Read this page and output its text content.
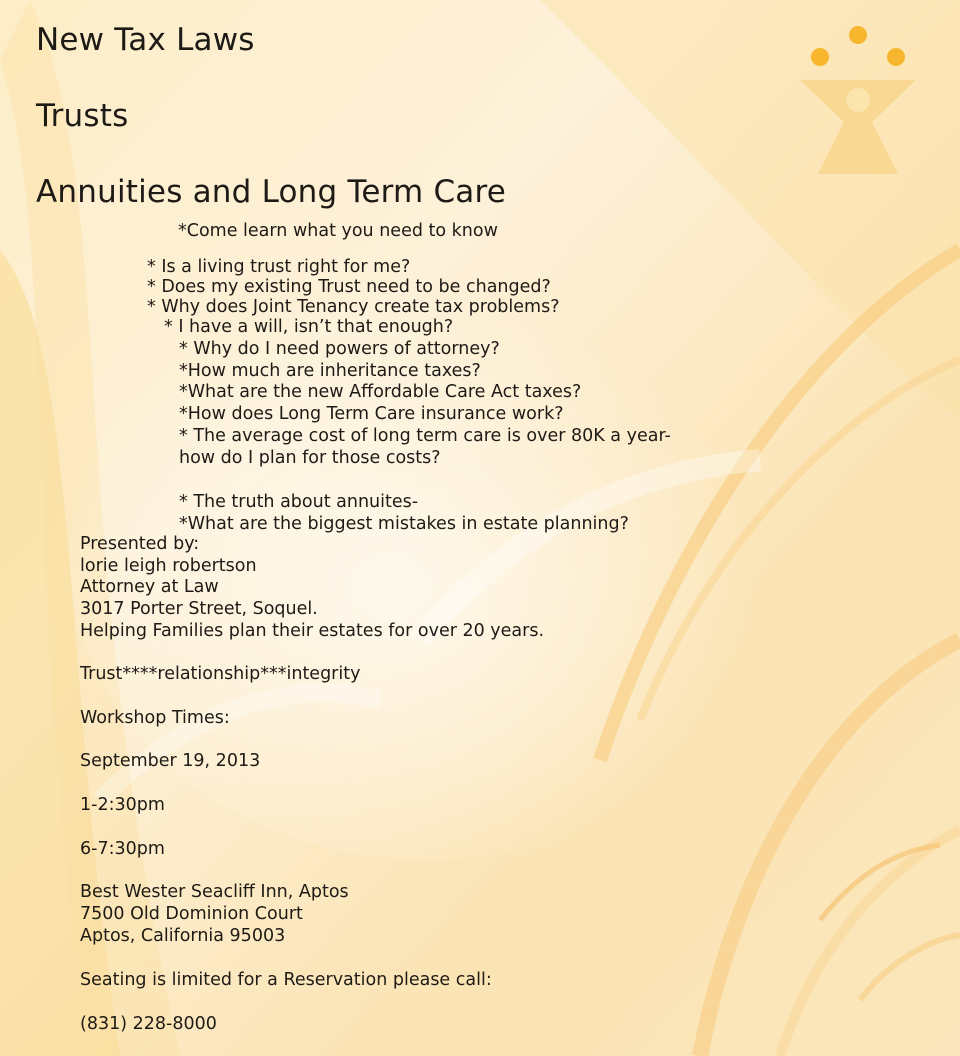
New Tax Laws
Trusts
Annuities and Long Term Care
*Come learn what you need to know
* Is a living trust right for me?
* Does my existing Trust need to be changed?
* Why does Joint Tenancy create tax problems?
* I have a will, isn’t that enough?
* Why do I need powers of attorney?
*How much are inheritance taxes?
*What are the new Affordable Care Act taxes?
*How does Long Term Care insurance work?
* The average cost of long term care is over 80K a year-
how do I plan for those costs?
* The truth about annuites-
*What are the biggest mistakes in estate planning?
Presented by:
lorie leigh robertson
Attorney at Law
3017 Porter Street, Soquel.
Helping Families plan their estates for over 20 years.
Trust****relationship***integrity
Workshop Times:
September 19, 2013
1-2:30pm
6-7:30pm
Best Wester Seacliff Inn, Aptos
7500 Old Dominion Court
Aptos, California 95003
Seating is limited for a Reservation please call:
(831) 228-8000
